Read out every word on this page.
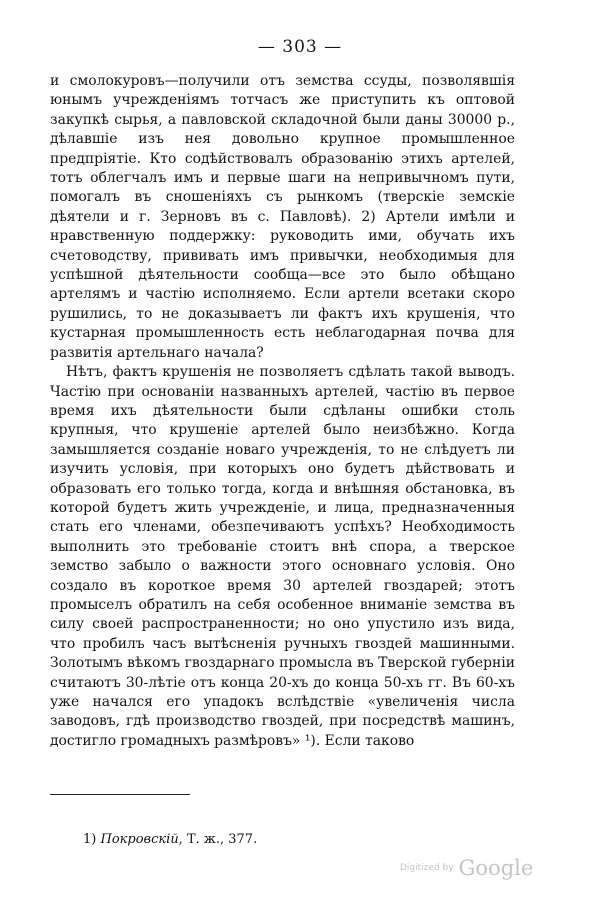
— 303 —

и смолокуровъ—получили отъ земства ссуды, позволявшія юнымъ учрежденіямъ тотчасъ же приступить къ оптовой закупкѣ сырья, а павловской складочной были даны 30000 р., дѣлавшіе изъ нея довольно крупное промышленное предпріятіе. Кто содѣйствовалъ образованію этихъ артелей, тотъ облегчалъ имъ и первые шаги на непривычномъ пути, помогалъ въ сношеніяхъ съ рынкомъ (тверскіе земскіе дѣятели и г. Зерновъ въ с. Павловѣ). 2) Артели имѣли и нравственную поддержку: руководить ими, обучать ихъ счетоводству, прививать имъ привычки, необходимыя для успѣшной дѣятельности сообща—все это было обѣщано артелямъ и частію исполняемо. Если артели всетаки скоро рушились, то не доказываетъ ли фактъ ихъ крушенія, что кустарная промышленность есть неблагодарная почва для развитія артельнаго начала?

Нѣтъ, фактъ крушенія не позволяетъ сдѣлать такой выводъ. Частію при основаніи названныхъ артелей, частію въ первое время ихъ дѣятельности были сдѣланы ошибки столь крупныя, что крушеніе артелей было неизбѣжно. Когда замышляется созданіе новаго учрежденія, то не слѣдуетъ ли изучить условія, при которыхъ оно будетъ дѣйствовать и образовать его только тогда, когда и внѣшняя обстановка, въ которой будетъ жить учрежденіе, и лица, предназначенныя стать его членами, обезпечиваютъ успѣхъ? Необходимость выполнить это требованіе стоитъ внѣ спора, а тверское земство забыло о важности этого основнаго условія. Оно создало въ короткое время 30 артелей гвоздарей; этотъ промыселъ обратилъ на себя особенное вниманіе земства въ силу своей распространенности; но оно упустило изъ вида, что пробилъ часъ вытѣсненія ручныхъ гвоздей машинными. Золотымъ вѣкомъ гвоздарнаго промысла въ Тверской губерніи считаютъ 30-лѣтіе отъ конца 20-хъ до конца 50-хъ гг. Въ 60-хъ уже начался его упадокъ вслѣдствіе «увеличенія числа заводовъ, гдѣ производство гвоздей, при посредствѣ машинъ, достигло громадныхъ размѣровъ» ¹). Если таково

1) Покровскій, Т. ж., 377.
Digitized by Google
